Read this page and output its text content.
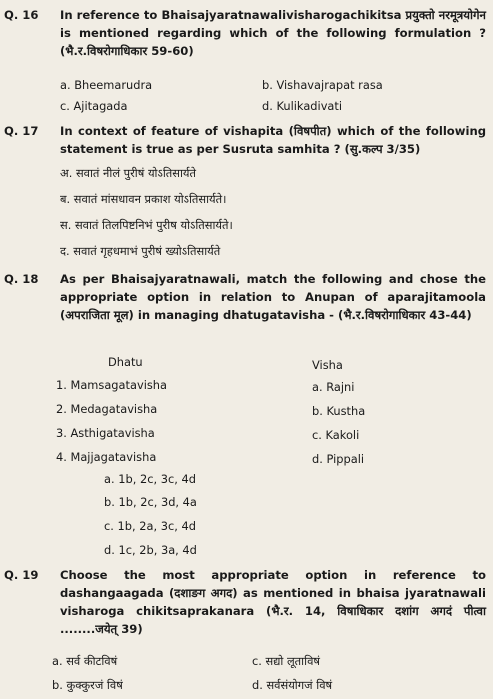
Q. 16 In reference to Bhaisajyaratnawalivisharogachikitsa प्रयुक्तो नरमूत्रयोगेन is mentioned regarding which of the following formulation ? (भै.र.विषरोगाधिकार 59-60)
a. Bheemarudra	b. Vishavajrapat rasa
c. Ajitagada	d. Kulikadivati
Q. 17 In context of feature of vishapita (विषपीत) which of the following statement is true as per Susruta samhita ? (सु.कल्प 3/35)
अ. सवातं नीलं पुरीषं योऽतिसार्यते
ब. सवातं मांसधावन प्रकाश योऽतिसार्यते।
स. सवातं तिलपिष्टनिभं पुरीष योऽतिसार्यते।
द. सवातं गृहधमाभं पुरीषं ख्योऽतिसार्यते
Q. 18 As per Bhaisajyaratnawali, match the following and chose the appropriate option in relation to Anupan of aparajitamoola (अपराजिता मूल) in managing dhatugatavisha - (भै.र.विषरोगाधिकार 43-44)
Dhatu	Visha
1. Mamsagatavisha	a. Rajni
2. Medagatavisha	b. Kustha
3. Asthigatavisha	c. Kakoli
4. Majjagatavisha	d. Pippali
a. 1b, 2c, 3c, 4d
b. 1b, 2c, 3d, 4a
c. 1b, 2a, 3c, 4d
d. 1c, 2b, 3a, 4d
Q. 19 Choose the most appropriate option in reference to dashangaagada (दशाङग अगद) as mentioned in bhaisa jyaratnawali visharoga chikitsaprakanara (भै.र. 14, विषाधिकार दशांग अगदं पीत्वा ........जयेत् 39)
a. सर्व कीटविषं	c. सद्यो लूताविषं
b. कुक्कुरजं विषं	d. सर्वसंयोगजं विषं
